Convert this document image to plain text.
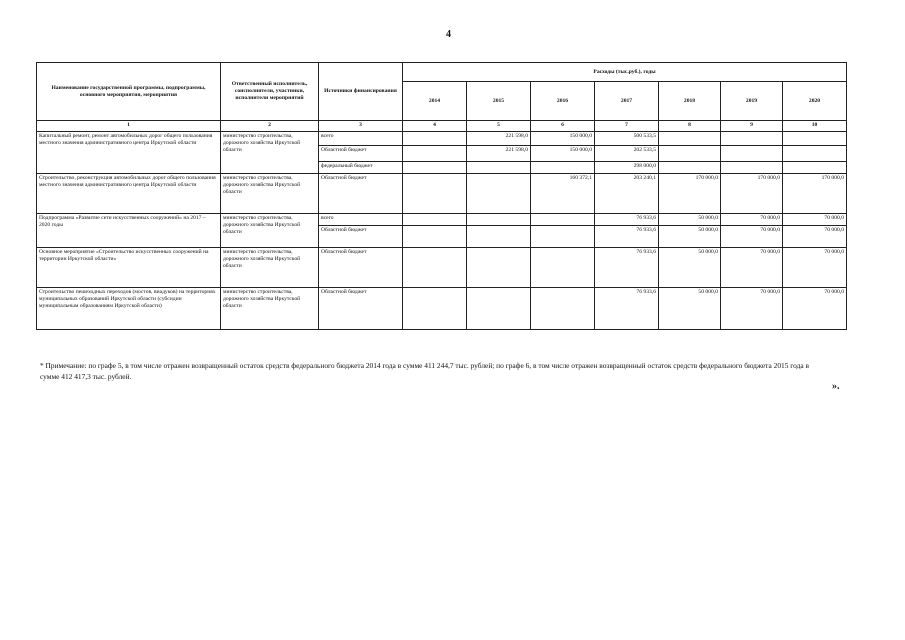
4
Наименование государственной программы, подпрограммы, основного мероприятия, мероприятия	Ответственный исполнитель, соисполнители, участники, исполнители мероприятий	Источники финансирования	Расходы (тыс.руб.), годы						
			2014	2015	2016	2017	2018	2019	2020
1	2	3	4	5	6	7	8	9	10
Капитальный ремонт, ремонт автомобильных дорог общего пользования местного значения административного центра Иркутской области	министерство строительства, дорожного хозяйства Иркутской области	всего		221 598,0	150 000,0	500 533,5			
		Областной бюджет		221 598,0	150 000,0	202 533,5			
		федеральный бюджет				298 000,0			
Строительство, реконструкция автомобильных дорог общего пользования местного значения административного центра Иркутской области	министерство строительства, дорожного хозяйства Иркутской области	Областной бюджет			160 372,1	203 240,1	170 000,0	170 000,0	170 000,0
Подпрограмма «Развитие сети искусственных сооружений» на 2017 – 2020 годы	министерство строительства, дорожного хозяйства Иркутской области	всего				76 933,6	50 000,0	70 000,0	70 000,0
		Областной бюджет				76 933,6	50 000,0	70 000,0	70 000,0
Основное мероприятие «Строительство искусственных сооружений на территории Иркутской области»	министерство строительства, дорожного хозяйства Иркутской области	Областной бюджет				76 933,6	50 000,0	70 000,0	70 000,0
Строительство пешеходных переходов (мостов, виадуков) на территориях муниципальных образований Иркутской области (субсидии муниципальным образованиям Иркутской области)	министерство строительства, дорожного хозяйства Иркутской области	Областной бюджет				76 933,6	50 000,0	70 000,0	70 000,0
* Примечание: по графе 5, в том числе отражен возвращенный остаток средств федерального бюджета 2014 года в сумме 411 244,7 тыс. рублей; по графе 6, в том числе отражен возвращенный остаток средств федерального бюджета 2015 года в сумме 412 417,3 тыс. рублей.
».
